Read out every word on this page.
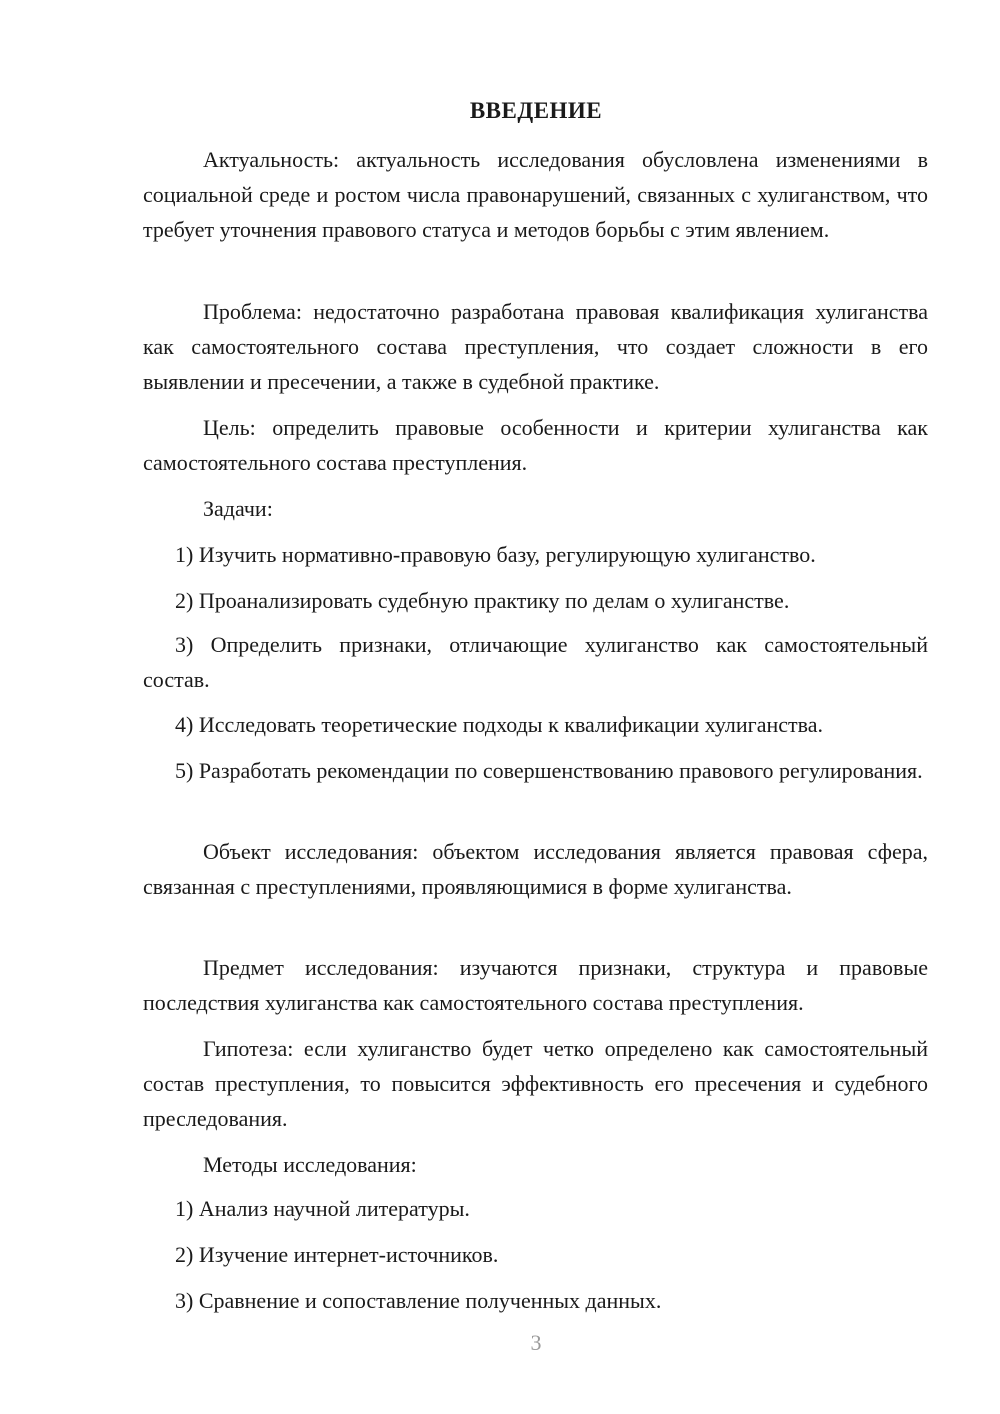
ВВЕДЕНИЕ

Актуальность: актуальность исследования обусловлена изменениями в социальной среде и ростом числа правонарушений, связанных с хулиганством, что требует уточнения правового статуса и методов борьбы с этим явлением.

Проблема: недостаточно разработана правовая квалификация хулиганства как самостоятельного состава преступления, что создает сложности в его выявлении и пресечении, а также в судебной практике.

Цель: определить правовые особенности и критерии хулиганства как самостоятельного состава преступления.

Задачи:

1) Изучить нормативно-правовую базу, регулирующую хулиганство.

2) Проанализировать судебную практику по делам о хулиганстве.

3) Определить признаки, отличающие хулиганство как самостоятельный состав.

4) Исследовать теоретические подходы к квалификации хулиганства.

5) Разработать рекомендации по совершенствованию правового регулирования.

Объект исследования: объектом исследования является правовая сфера, связанная с преступлениями, проявляющимися в форме хулиганства.

Предмет исследования: изучаются признаки, структура и правовые последствия хулиганства как самостоятельного состава преступления.

Гипотеза: если хулиганство будет четко определено как самостоятельный состав преступления, то повысится эффективность его пресечения и судебного преследования.

Методы исследования:

1) Анализ научной литературы.

2) Изучение интернет-источников.

3) Сравнение и сопоставление полученных данных.

3
